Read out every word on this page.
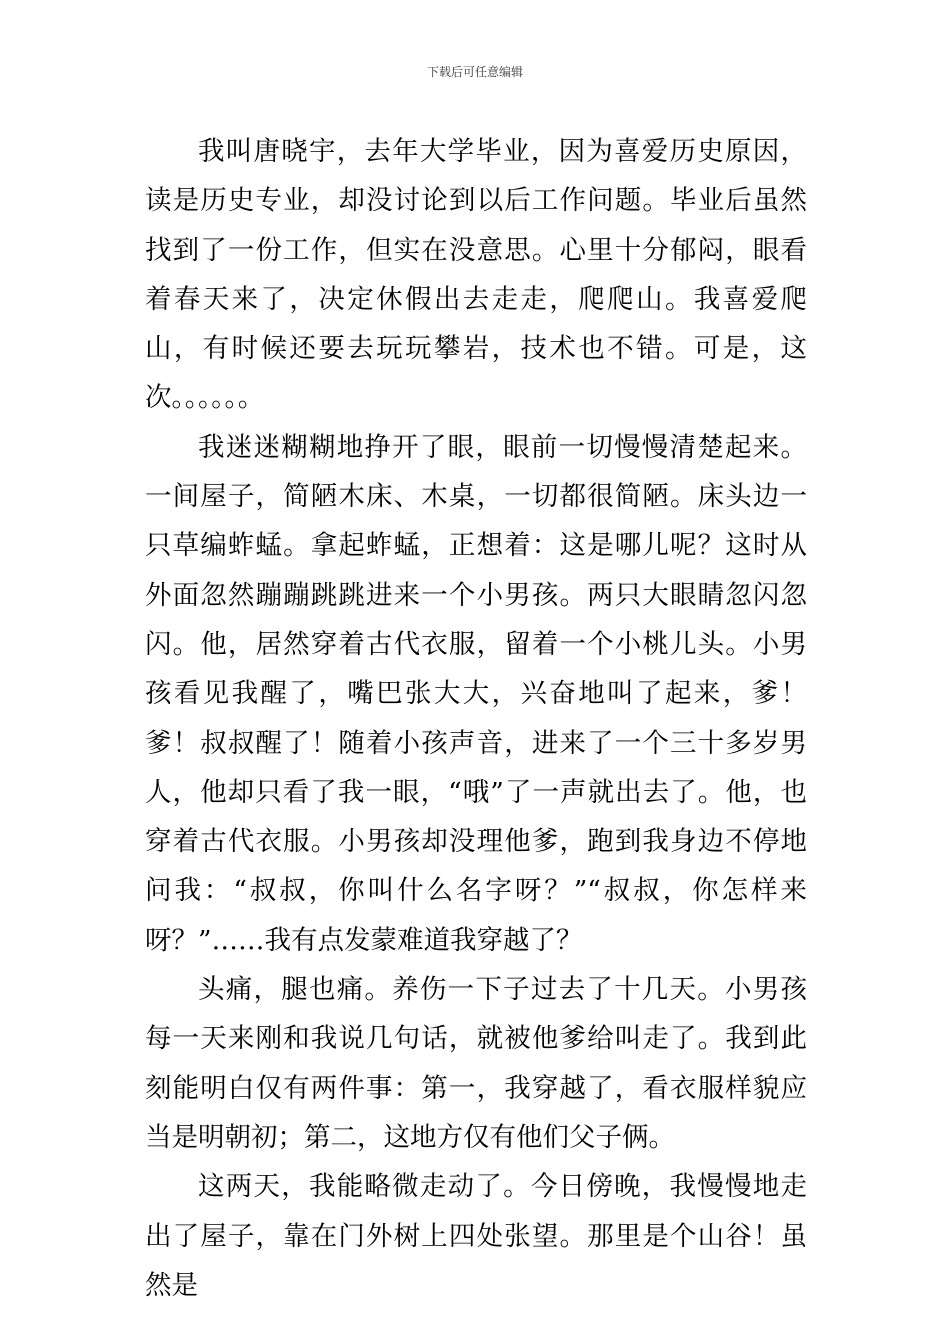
下载后可任意编辑

我叫唐晓宇，去年大学毕业，因为喜爱历史原因，读是历史专业，却没讨论到以后工作问题。毕业后虽然找到了一份工作，但实在没意思。心里十分郁闷，眼看着春天来了，决定休假出去走走，爬爬山。我喜爱爬山，有时候还要去玩玩攀岩，技术也不错。可是，这次。。。。。。

我迷迷糊糊地挣开了眼，眼前一切慢慢清楚起来。一间屋子，简陋木床、木桌，一切都很简陋。床头边一只草编蚱蜢。拿起蚱蜢，正想着：这是哪儿呢？这时从外面忽然蹦蹦跳跳进来一个小男孩。两只大眼睛忽闪忽闪。他，居然穿着古代衣服，留着一个小桃儿头。小男孩看见我醒了，嘴巴张大大，兴奋地叫了起来，爹！爹！叔叔醒了！随着小孩声音，进来了一个三十多岁男人，他却只看了我一眼，“哦”了一声就出去了。他，也穿着古代衣服。小男孩却没理他爹，跑到我身边不停地问我：“叔叔，你叫什么名字呀？”“叔叔，你怎样来呀？”……我有点发蒙难道我穿越了？

头痛，腿也痛。养伤一下子过去了十几天。小男孩每一天来刚和我说几句话，就被他爹给叫走了。我到此刻能明白仅有两件事：第一，我穿越了，看衣服样貌应当是明朝初；第二，这地方仅有他们父子俩。

这两天，我能略微走动了。今日傍晚，我慢慢地走出了屋子，靠在门外树上四处张望。那里是个山谷！虽然是
